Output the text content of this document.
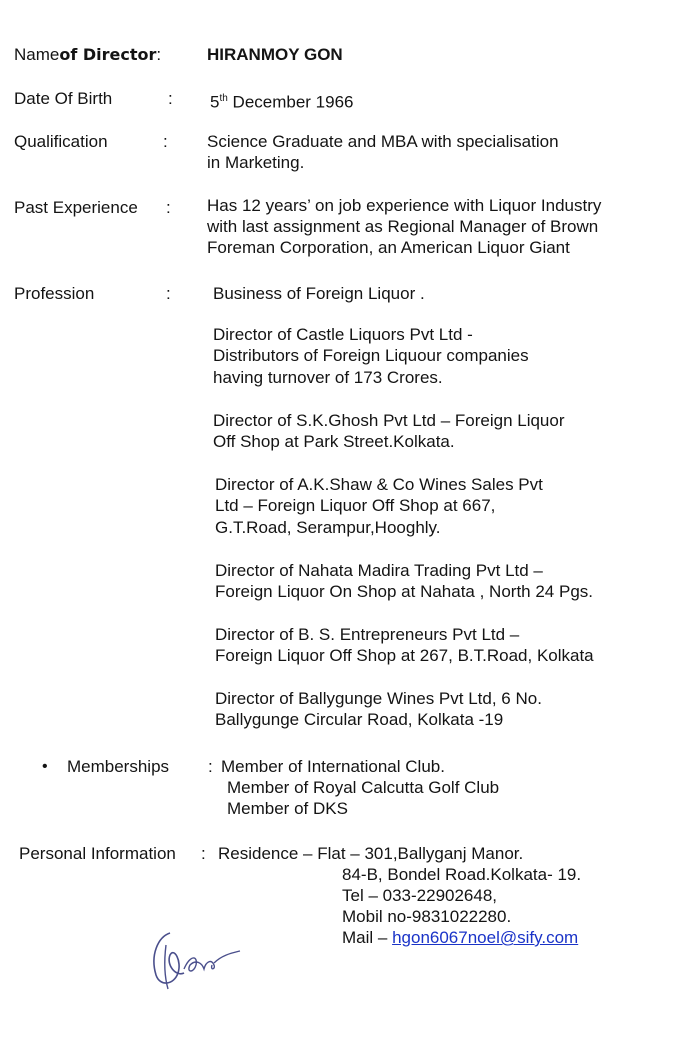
Nameof Director:	HIRANMOY GON
Date Of Birth	: 5th December 1966
Qualification	: Science Graduate and MBA with specialisation
in Marketing.
Past Experience : Has 12 years’ on job experience with Liquor Industry
with last assignment as Regional Manager of Brown
Foreman Corporation, an American Liquor Giant
Profession	: Business of Foreign Liquor .
Director of Castle Liquors Pvt Ltd -
Distributors of Foreign Liquour companies
having turnover of 173 Crores.
Director of S.K.Ghosh Pvt Ltd – Foreign Liquor
Off Shop at Park Street.Kolkata.
Director of A.K.Shaw & Co Wines Sales Pvt
Ltd – Foreign Liquor Off Shop at 667,
G.T.Road, Serampur,Hooghly.
Director of Nahata Madira Trading Pvt Ltd –
Foreign Liquor On Shop at Nahata , North 24 Pgs.
Director of B. S. Entrepreneurs Pvt Ltd –
Foreign Liquor Off Shop at 267, B.T.Road, Kolkata
Director of Ballygunge Wines Pvt Ltd, 6 No.
Ballygunge Circular Road, Kolkata -19
• Memberships : Member of International Club.
Member of Royal Calcutta Golf Club
Member of DKS
Personal Information : Residence – Flat – 301,Ballyganj Manor.
84-B, Bondel Road.Kolkata- 19.
Tel – 033-22902648,
Mobil no-9831022280.
Mail – hgon6067noel@sify.com
